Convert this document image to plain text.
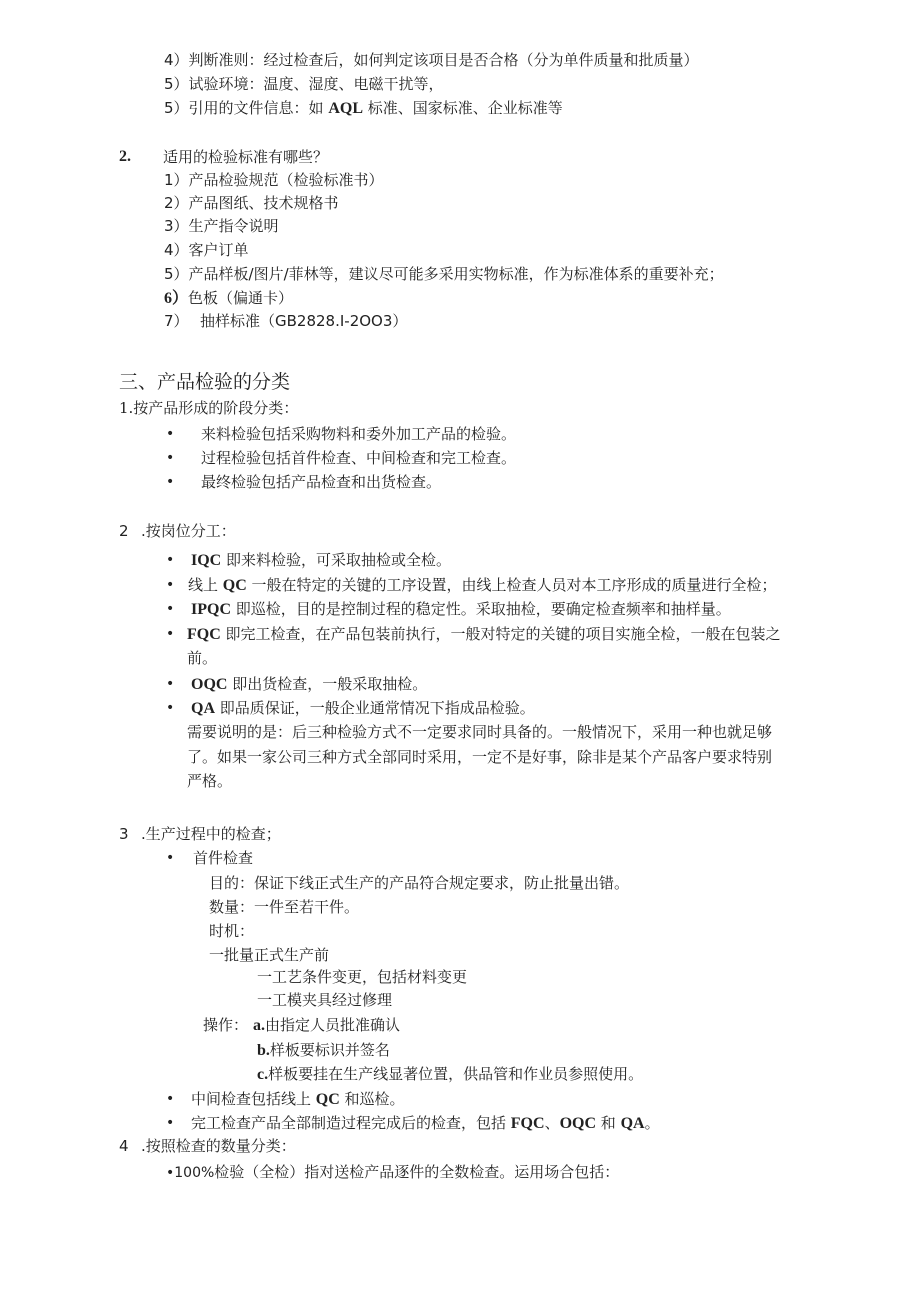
4）判断准则：经过检查后，如何判定该项目是否合格（分为单件质量和批质量）
5）试验环境：温度、湿度、电磁干扰等，
5）引用的文件信息：如 AQL 标准、国家标准、企业标准等
2. 适用的检验标准有哪些？
1）产品检验规范（检验标准书）
2）产品图纸、技术规格书
3）生产指令说明
4）客户订单
5）产品样板/图片/菲林等，建议尽可能多采用实物标准，作为标准体系的重要补充；
6）色板（偏通卡）
7） 抽样标准（GB2828.I-2OO3）
三、产品检验的分类
1.按产品形成的阶段分类：
• 来料检验包括采购物料和委外加工产品的检验。
• 过程检验包括首件检查、中间检查和完工检查。
• 最终检验包括产品检查和出货检查。
2 .按岗位分工：
• IQC 即来料检验，可采取抽检或全检。
• 线上 QC 一般在特定的关键的工序设置，由线上检查人员对本工序形成的质量进行全检；
• IPQC 即巡检，目的是控制过程的稳定性。采取抽检，要确定检查频率和抽样量。
• FQC 即完工检查，在产品包装前执行，一般对特定的关键的项目实施全检，一般在包装之
前。
• OQC 即出货检查，一般采取抽检。
• QA 即品质保证，一般企业通常情况下指成品检验。
需要说明的是：后三种检验方式不一定要求同时具备的。一般情况下，采用一种也就足够
了。如果一家公司三种方式全部同时采用，一定不是好事，除非是某个产品客户要求特别
严格。
3 .生产过程中的检查；
• 首件检查
目的：保证下线正式生产的产品符合规定要求，防止批量出错。
数量：一件至若干件。
时机：
一批量正式生产前
一工艺条件变更，包括材料变更
一工模夹具经过修理
操作： a.由指定人员批准确认
b.样板要标识并签名
c.样板要挂在生产线显著位置，供品管和作业员参照使用。
• 中间检查包括线上 QC 和巡检。
• 完工检查产品全部制造过程完成后的检查，包括 FQC、OQC 和 QA。
4 .按照检查的数量分类：
•100%检验（全检）指对送检产品逐件的全数检查。运用场合包括：
